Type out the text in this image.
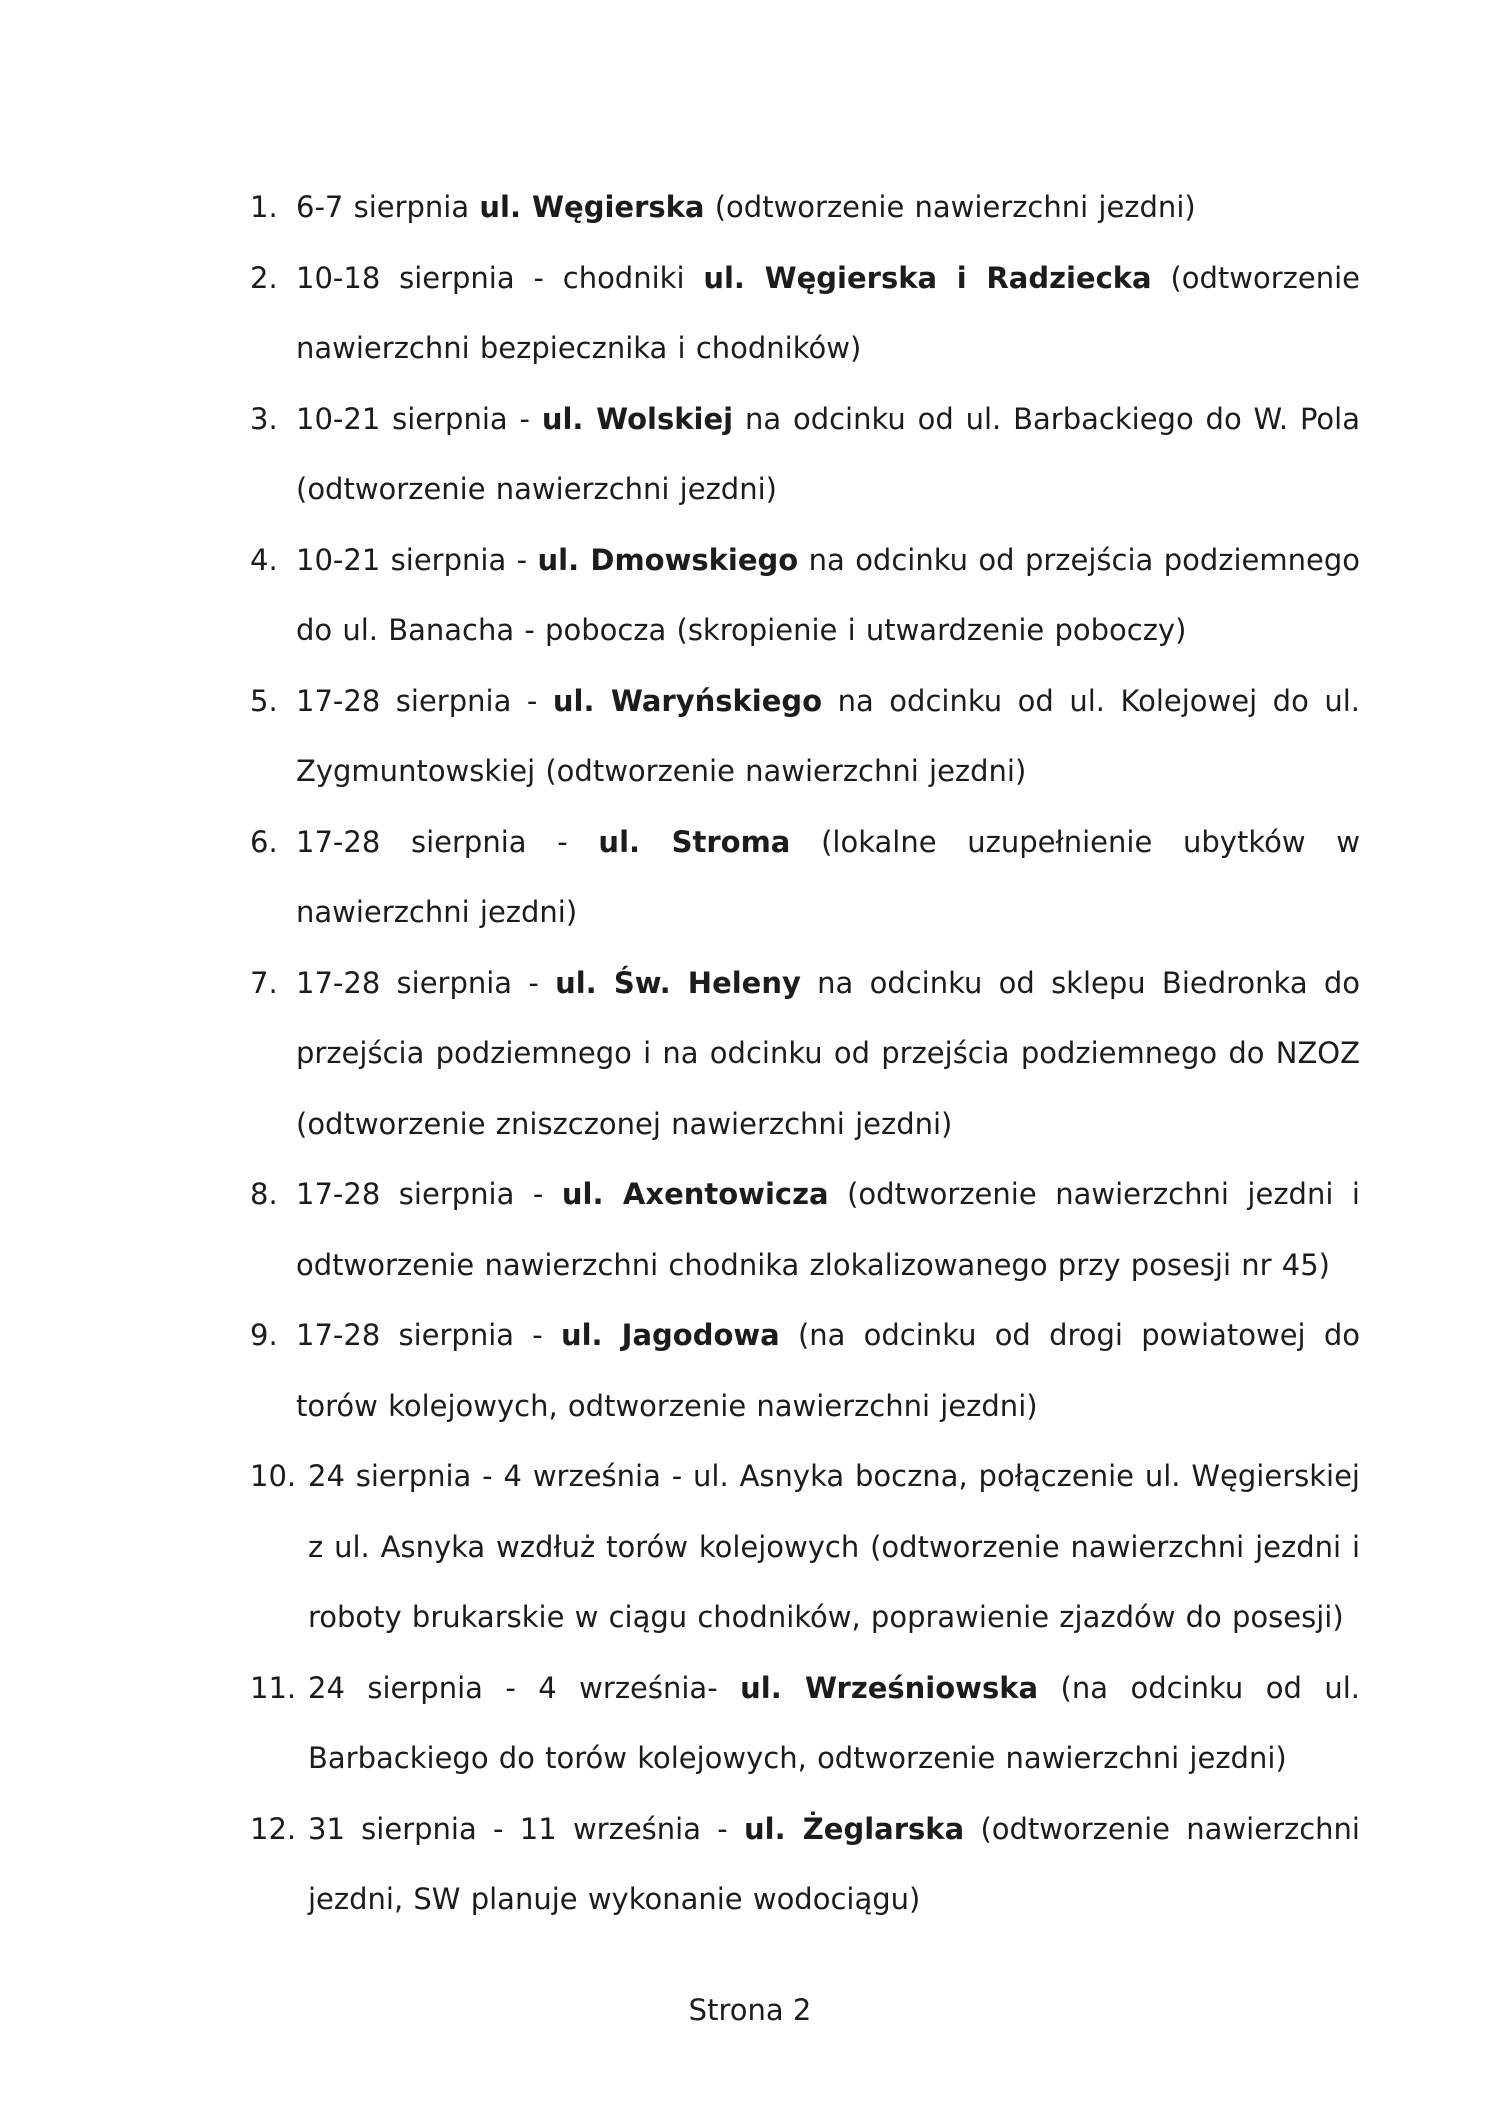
1. 6-7 sierpnia ul. Węgierska (odtworzenie nawierzchni jezdni)
2. 10-18 sierpnia - chodniki ul. Węgierska i Radziecka (odtworzenie nawierzchni bezpiecznika i chodników)
3. 10-21 sierpnia - ul. Wolskiej na odcinku od ul. Barbackiego do W. Pola (odtworzenie nawierzchni jezdni)
4. 10-21 sierpnia - ul. Dmowskiego na odcinku od przejścia podziemnego do ul. Banacha - pobocza (skropienie i utwardzenie poboczy)
5. 17-28 sierpnia - ul. Waryńskiego na odcinku od ul. Kolejowej do ul. Zygmuntowskiej (odtworzenie nawierzchni jezdni)
6. 17-28 sierpnia - ul. Stroma (lokalne uzupełnienie ubytków w nawierzchni jezdni)
7. 17-28 sierpnia - ul. Św. Heleny na odcinku od sklepu Biedronka do przejścia podziemnego i na odcinku od przejścia podziemnego do NZOZ (odtworzenie zniszczonej nawierzchni jezdni)
8. 17-28 sierpnia - ul. Axentowicza (odtworzenie nawierzchni jezdni i odtworzenie nawierzchni chodnika zlokalizowanego przy posesji nr 45)
9. 17-28 sierpnia - ul. Jagodowa (na odcinku od drogi powiatowej do torów kolejowych, odtworzenie nawierzchni jezdni)
10. 24 sierpnia - 4 września - ul. Asnyka boczna, połączenie ul. Węgierskiej z ul. Asnyka wzdłuż torów kolejowych (odtworzenie nawierzchni jezdni i roboty brukarskie w ciągu chodników, poprawienie zjazdów do posesji)
11. 24 sierpnia - 4 września- ul. Wrześniowska (na odcinku od ul. Barbackiego do torów kolejowych, odtworzenie nawierzchni jezdni)
12. 31 sierpnia - 11 września - ul. Żeglarska (odtworzenie nawierzchni jezdni, SW planuje wykonanie wodociągu)
Strona 2
